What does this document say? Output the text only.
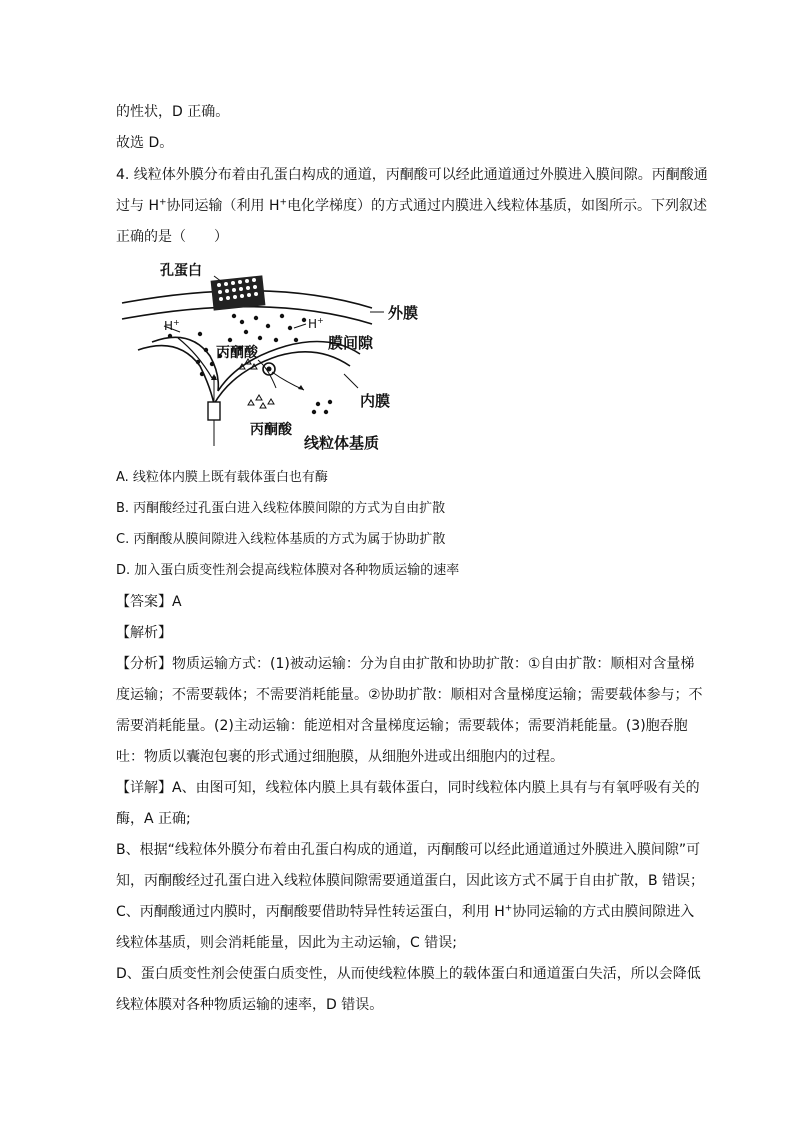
的性状，D 正确。
故选 D。
4. 线粒体外膜分布着由孔蛋白构成的通道，丙酮酸可以经此通道通过外膜进入膜间隙。丙酮酸通
过与 H+协同运输（利用 H+电化学梯度）的方式通过内膜进入线粒体基质，如图所示。下列叙述
正确的是（　　）
孔蛋白
外膜
膜间隙
内膜
丙酮酸
丙酮酸
线粒体基质
H+	H+
A. 线粒体内膜上既有载体蛋白也有酶
B. 丙酮酸经过孔蛋白进入线粒体膜间隙的方式为自由扩散
C. 丙酮酸从膜间隙进入线粒体基质的方式为属于协助扩散
D. 加入蛋白质变性剂会提高线粒体膜对各种物质运输的速率
【答案】A
【解析】
【分析】物质运输方式：(1)被动运输：分为自由扩散和协助扩散：①自由扩散：顺相对含量梯度运输；不需要载体；不需要消耗能量。②协助扩散：顺相对含量梯度运输；需要载体参与；不需要消耗能量。(2)主动运输：能逆相对含量梯度运输；需要载体；需要消耗能量。(3)胞吞胞吐：物质以囊泡包裹的形式通过细胞膜，从细胞外进或出细胞内的过程。
【详解】A、由图可知，线粒体内膜上具有载体蛋白，同时线粒体内膜上具有与有氧呼吸有关的酶，A 正确;
B、根据“线粒体外膜分布着由孔蛋白构成的通道，丙酮酸可以经此通道通过外膜进入膜间隙”可知，丙酮酸经过孔蛋白进入线粒体膜间隙需要通道蛋白，因此该方式不属于自由扩散，B 错误；
C、丙酮酸通过内膜时，丙酮酸要借助特异性转运蛋白，利用 H+协同运输的方式由膜间隙进入线粒体基质，则会消耗能量，因此为主动运输，C 错误;
D、蛋白质变性剂会使蛋白质变性，从而使线粒体膜上的载体蛋白和通道蛋白失活，所以会降低线粒体膜对各种物质运输的速率，D 错误。
